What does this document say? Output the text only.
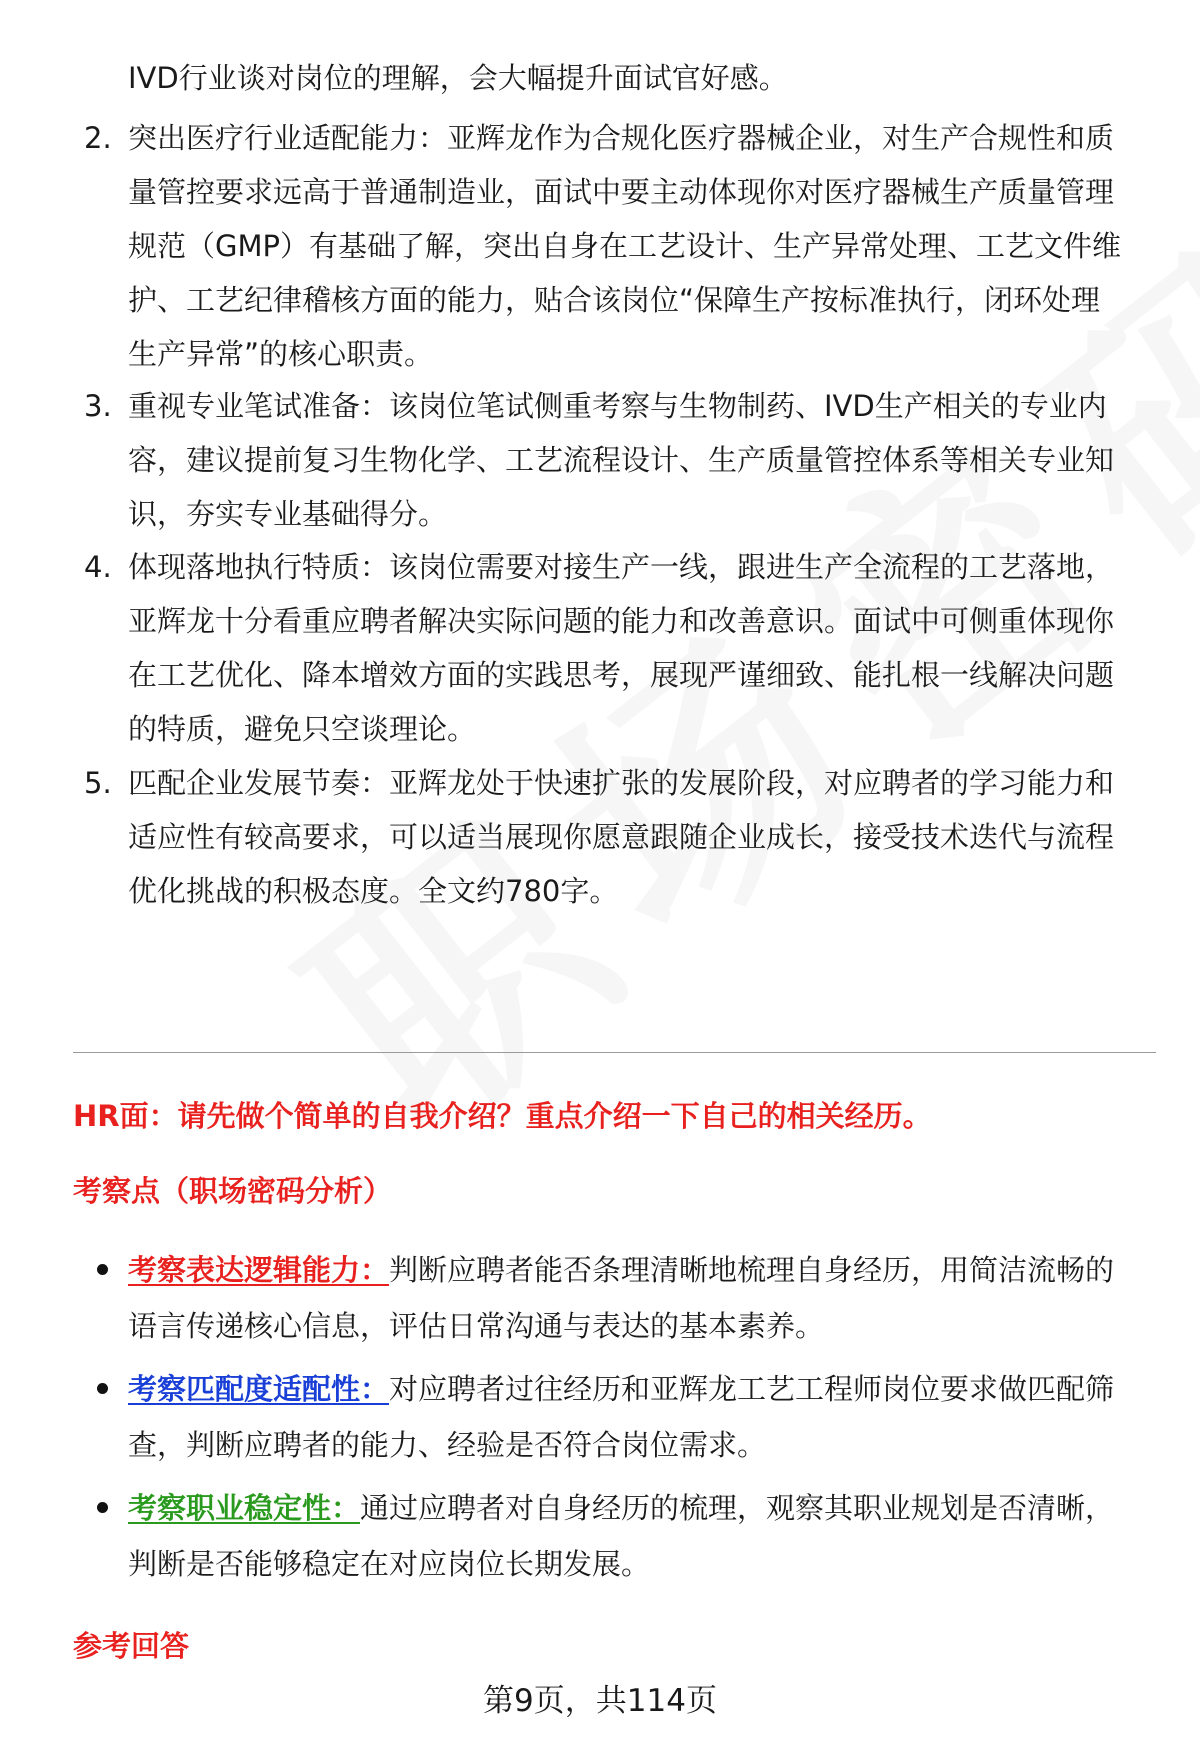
IVD行业谈对岗位的理解，会大幅提升面试官好感。
2. 突出医疗行业适配能力：亚辉龙作为合规化医疗器械企业，对生产合规性和质
量管控要求远高于普通制造业，面试中要主动体现你对医疗器械生产质量管理
规范（GMP）有基础了解，突出自身在工艺设计、生产异常处理、工艺文件维
护、工艺纪律稽核方面的能力，贴合该岗位“保障生产按标准执行，闭环处理
生产异常”的核心职责。
3. 重视专业笔试准备：该岗位笔试侧重考察与生物制药、IVD生产相关的专业内
容，建议提前复习生物化学、工艺流程设计、生产质量管控体系等相关专业知
识，夯实专业基础得分。
4. 体现落地执行特质：该岗位需要对接生产一线，跟进生产全流程的工艺落地，
亚辉龙十分看重应聘者解决实际问题的能力和改善意识。面试中可侧重体现你
在工艺优化、降本增效方面的实践思考，展现严谨细致、能扎根一线解决问题
的特质，避免只空谈理论。
5. 匹配企业发展节奏：亚辉龙处于快速扩张的发展阶段，对应聘者的学习能力和
适应性有较高要求，可以适当展现你愿意跟随企业成长，接受技术迭代与流程
优化挑战的积极态度。全文约780字。
HR面：请先做个简单的自我介绍？重点介绍一下自己的相关经历。
考察点（职场密码分析）
考察表达逻辑能力：判断应聘者能否条理清晰地梳理自身经历，用简洁流畅的
语言传递核心信息，评估日常沟通与表达的基本素养。
考察匹配度适配性：对应聘者过往经历和亚辉龙工艺工程师岗位要求做匹配筛
查，判断应聘者的能力、经验是否符合岗位需求。
考察职业稳定性：通过应聘者对自身经历的梳理，观察其职业规划是否清晰，
判断是否能够稳定在对应岗位长期发展。
参考回答
第9页，共114页
